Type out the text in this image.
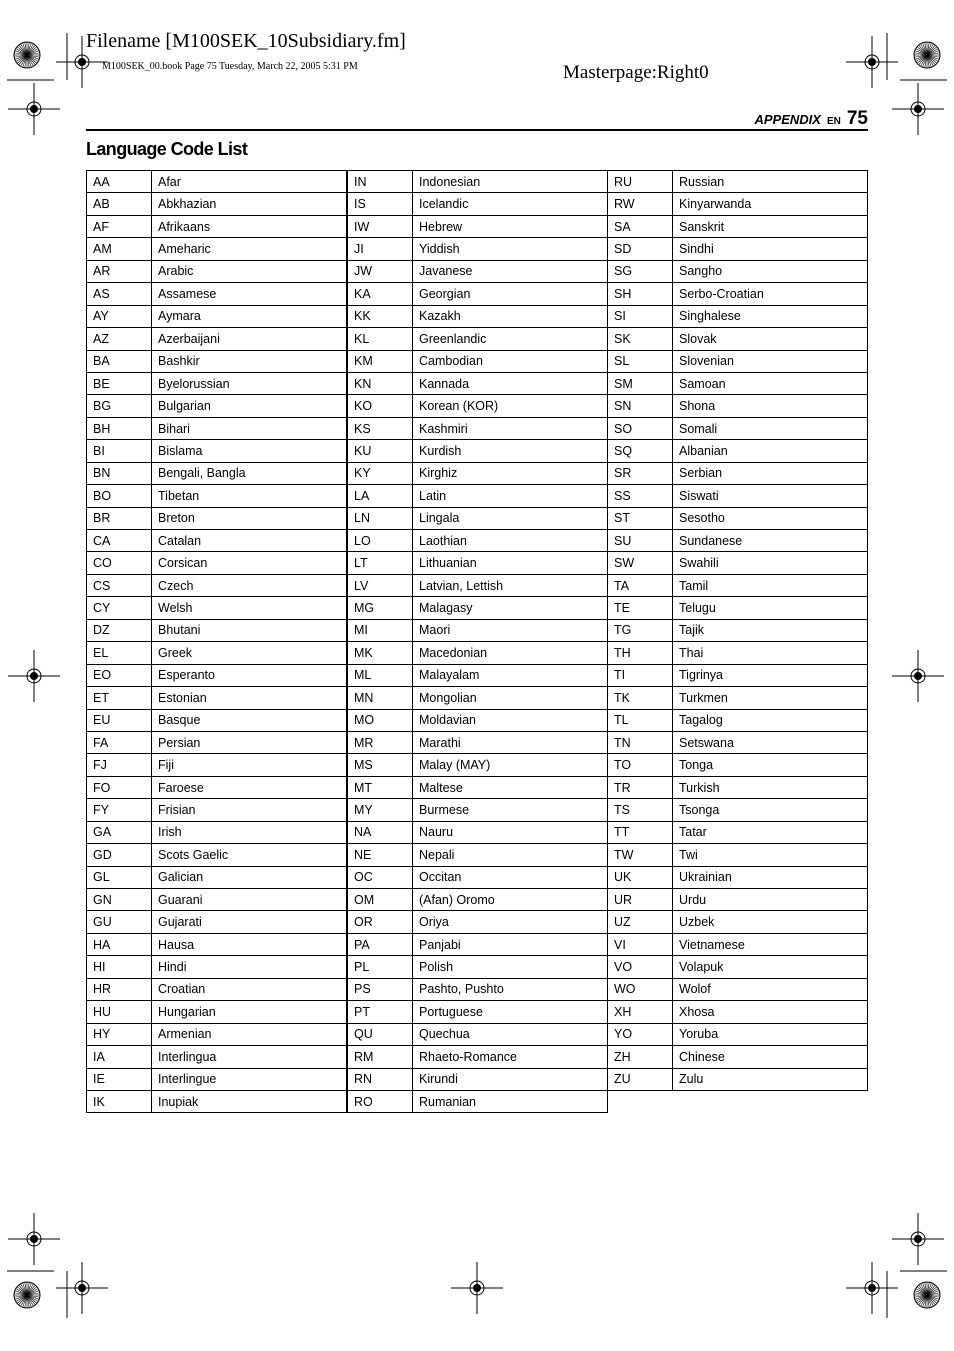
Filename [M100SEK_10Subsidiary.fm]
M100SEK_00.book Page 75 Tuesday, March 22, 2005 5:31 PM	Masterpage:Right0
APPENDIX EN 75
Language Code List
AA	Afar
AB	Abkhazian
AF	Afrikaans
AM	Ameharic
AR	Arabic
AS	Assamese
AY	Aymara
AZ	Azerbaijani
BA	Bashkir
BE	Byelorussian
BG	Bulgarian
BH	Bihari
BI	Bislama
BN	Bengali, Bangla
BO	Tibetan
BR	Breton
CA	Catalan
CO	Corsican
CS	Czech
CY	Welsh
DZ	Bhutani
EL	Greek
EO	Esperanto
ET	Estonian
EU	Basque
FA	Persian
FJ	Fiji
FO	Faroese
FY	Frisian
GA	Irish
GD	Scots Gaelic
GL	Galician
GN	Guarani
GU	Gujarati
HA	Hausa
HI	Hindi
HR	Croatian
HU	Hungarian
HY	Armenian
IA	Interlingua
IE	Interlingue
IK	Inupiak
IN	Indonesian
IS	Icelandic
IW	Hebrew
JI	Yiddish
JW	Javanese
KA	Georgian
KK	Kazakh
KL	Greenlandic
KM	Cambodian
KN	Kannada
KO	Korean (KOR)
KS	Kashmiri
KU	Kurdish
KY	Kirghiz
LA	Latin
LN	Lingala
LO	Laothian
LT	Lithuanian
LV	Latvian, Lettish
MG	Malagasy
MI	Maori
MK	Macedonian
ML	Malayalam
MN	Mongolian
MO	Moldavian
MR	Marathi
MS	Malay (MAY)
MT	Maltese
MY	Burmese
NA	Nauru
NE	Nepali
OC	Occitan
OM	(Afan) Oromo
OR	Oriya
PA	Panjabi
PL	Polish
PS	Pashto, Pushto
PT	Portuguese
QU	Quechua
RM	Rhaeto-Romance
RN	Kirundi
RO	Rumanian
RU	Russian
RW	Kinyarwanda
SA	Sanskrit
SD	Sindhi
SG	Sangho
SH	Serbo-Croatian
SI	Singhalese
SK	Slovak
SL	Slovenian
SM	Samoan
SN	Shona
SO	Somali
SQ	Albanian
SR	Serbian
SS	Siswati
ST	Sesotho
SU	Sundanese
SW	Swahili
TA	Tamil
TE	Telugu
TG	Tajik
TH	Thai
TI	Tigrinya
TK	Turkmen
TL	Tagalog
TN	Setswana
TO	Tonga
TR	Turkish
TS	Tsonga
TT	Tatar
TW	Twi
UK	Ukrainian
UR	Urdu
UZ	Uzbek
VI	Vietnamese
VO	Volapuk
WO	Wolof
XH	Xhosa
YO	Yoruba
ZH	Chinese
ZU	Zulu
